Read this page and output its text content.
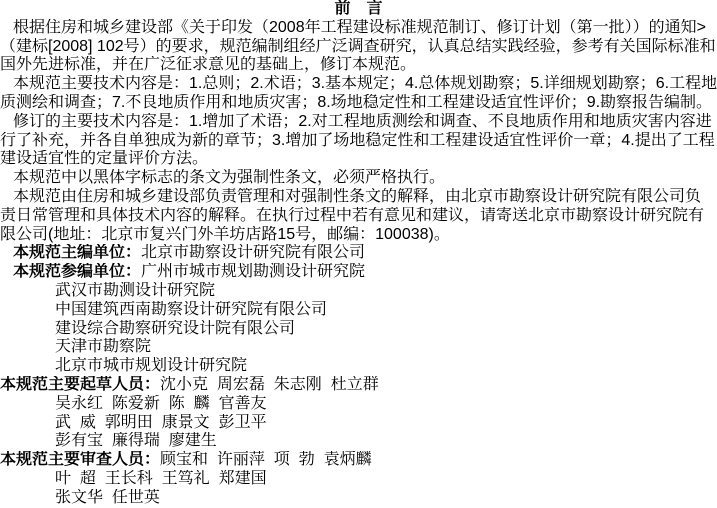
前　言
根据住房和城乡建设部《关于印发（2008年工程建设标准规范制订、修订计划（第一批））的通知>
（建标[2008] 102号）的要求，规范编制组经广泛调查研究，认真总结实践经验，参考有关国际标准和
国外先进标准，并在广泛征求意见的基础上，修订本规范。
本规范主要技术内容是：1.总则；2.术语；3.基本规定；4.总体规划勘察；5.详细规划勘察；6.工程地
质测绘和调查；7.不良地质作用和地质灾害；8.场地稳定性和工程建设适宜性评价；9.勘察报告编制。
修订的主要技术内容是：1.增加了术语；2.对工程地质测绘和调查、不良地质作用和地质灾害内容进
行了补充，并各自单独成为新的章节；3.增加了场地稳定性和工程建设适宜性评价一章；4.提出了工程
建设适宜性的定量评价方法。
本规范中以黑体字标志的条文为强制性条文，必须严格执行。
本规范由住房和城乡建设部负责管理和对强制性条文的解释，由北京市勘察设计研究院有限公司负
责日常管理和具体技术内容的解释。在执行过程中若有意见和建议，请寄送北京市勘察设计研究院有
限公司(地址：北京市复兴门外羊坊店路15号，邮编：100038)。
本规范主编单位：北京市勘察设计研究院有限公司
本规范参编单位：广州市城市规划勘测设计研究院
武汉市勘测设计研究院
中国建筑西南勘察设计研究院有限公司
建设综合勘察研究设计院有限公司
天津市勘察院
北京市城市规划设计研究院
本规范主要起草人员：沈小克  周宏磊  朱志刚  杜立群
吴永红  陈爱新  陈  麟  官善友
武  威  郭明田  康景文  彭卫平
彭有宝  廉得瑞  廖建生
本规范主要审查人员：顾宝和  许丽萍  项  勃  袁炳麟
叶  超  王长科  王笃礼  郑建国
张文华  任世英
